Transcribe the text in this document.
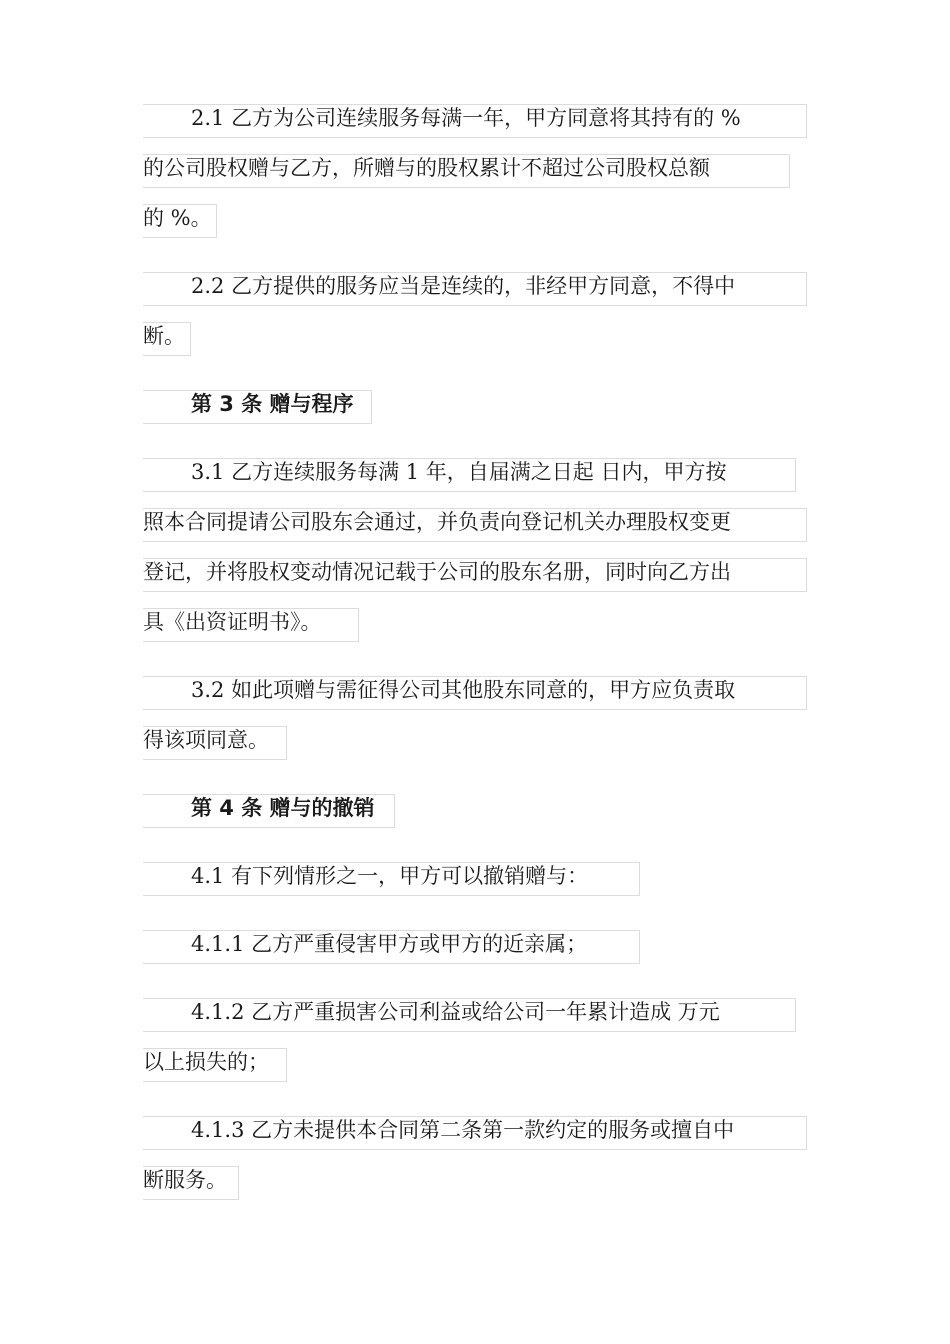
2.1 乙方为公司连续服务每满一年，甲方同意将其持有的 %
的公司股权赠与乙方，所赠与的股权累计不超过公司股权总额
的 %。
2.2 乙方提供的服务应当是连续的，非经甲方同意，不得中
断。
第 3 条 赠与程序
3.1 乙方连续服务每满 1 年，自届满之日起 日内，甲方按
照本合同提请公司股东会通过，并负责向登记机关办理股权变更
登记，并将股权变动情况记载于公司的股东名册，同时向乙方出
具《出资证明书》。
3.2 如此项赠与需征得公司其他股东同意的，甲方应负责取
得该项同意。
第 4 条 赠与的撤销
4.1 有下列情形之一，甲方可以撤销赠与：
4.1.1 乙方严重侵害甲方或甲方的近亲属；
4.1.2 乙方严重损害公司利益或给公司一年累计造成 万元
以上损失的；
4.1.3 乙方未提供本合同第二条第一款约定的服务或擅自中
断服务。
